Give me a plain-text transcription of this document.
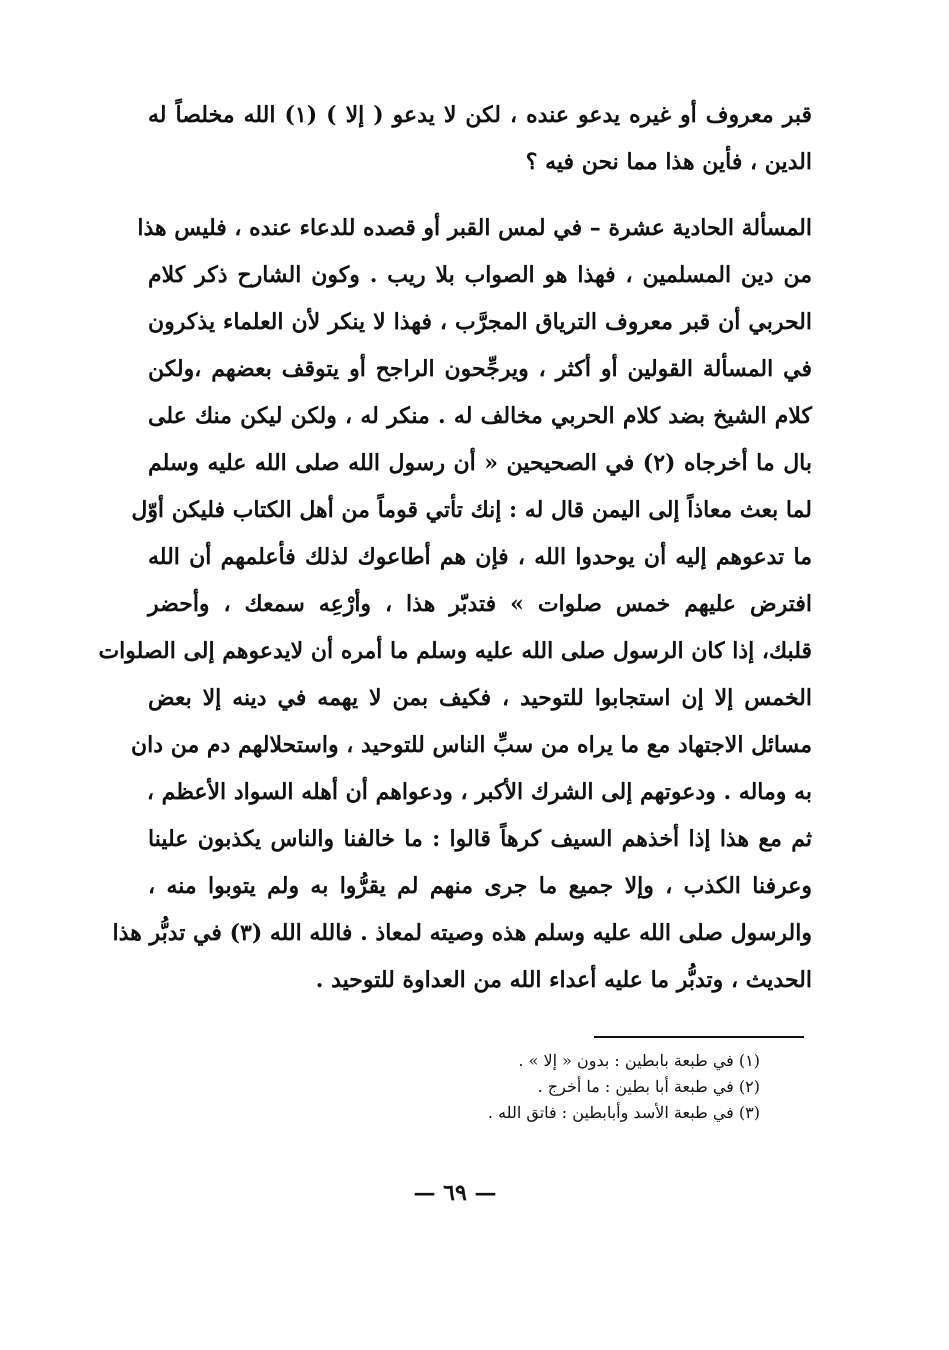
قبر معروف أو غيره يدعو عنده ، لكن لا يدعو ( إلا ) (١) الله مخلصاً له
الدين ، فأين هذا مما نحن فيه ؟
المسألة الحادية عشرة – في لمس القبر أو قصده للدعاء عنده ، فليس هذا
من دين المسلمين ، فهذا هو الصواب بلا ريب . وكون الشارح ذكر كلام
الحربي أن قبر معروف الترياق المجرَّب ، فهذا لا ينكر لأن العلماء يذكرون
في المسألة القولين أو أكثر ، ويرجِّحون الراجح أو يتوقف بعضهم ،ولكن
كلام الشيخ بضد كلام الحربي مخالف له . منكر له ، ولكن ليكن منك على
بال ما أخرجاه (٢) في الصحيحين « أن رسول الله صلى الله عليه وسلم
لما بعث معاذاً إلى اليمن قال له : إنك تأتي قوماً من أهل الكتاب فليكن أوّل
ما تدعوهم إليه أن يوحدوا الله ، فإن هم أطاعوك لذلك فأعلمهم أن الله
افترض عليهم خمس صلوات » فتدبّر هذا ، وأرْعِه سمعك ، وأحضر
قلبك، إذا كان الرسول صلى الله عليه وسلم ما أمره أن لايدعوهم إلى الصلوات
الخمس إلا إن استجابوا للتوحيد ، فكيف بمن لا يهمه في دينه إلا بعض
مسائل الاجتهاد مع ما يراه من سبِّ الناس للتوحيد ، واستحلالهم دم من دان
به وماله . ودعوتهم إلى الشرك الأكبر ، ودعواهم أن أهله السواد الأعظم ،
ثم مع هذا إذا أخذهم السيف كرهاً قالوا : ما خالفنا والناس يكذبون علينا
وعرفنا الكذب ، وإلا جميع ما جرى منهم لم يقرُّوا به ولم يتوبوا منه ،
والرسول صلى الله عليه وسلم هذه وصيته لمعاذ . فالله الله (٣) في تدبُّر هذا
الحديث ، وتدبُّر ما عليه أعداء الله من العداوة للتوحيد .
(١) في طبعة بابطين : بدون « إلا » .
(٢) في طبعة أبا بطين : ما أخرج .
(٣) في طبعة الأسد وأبابطين : فاتق الله .
— ٦٩ —
